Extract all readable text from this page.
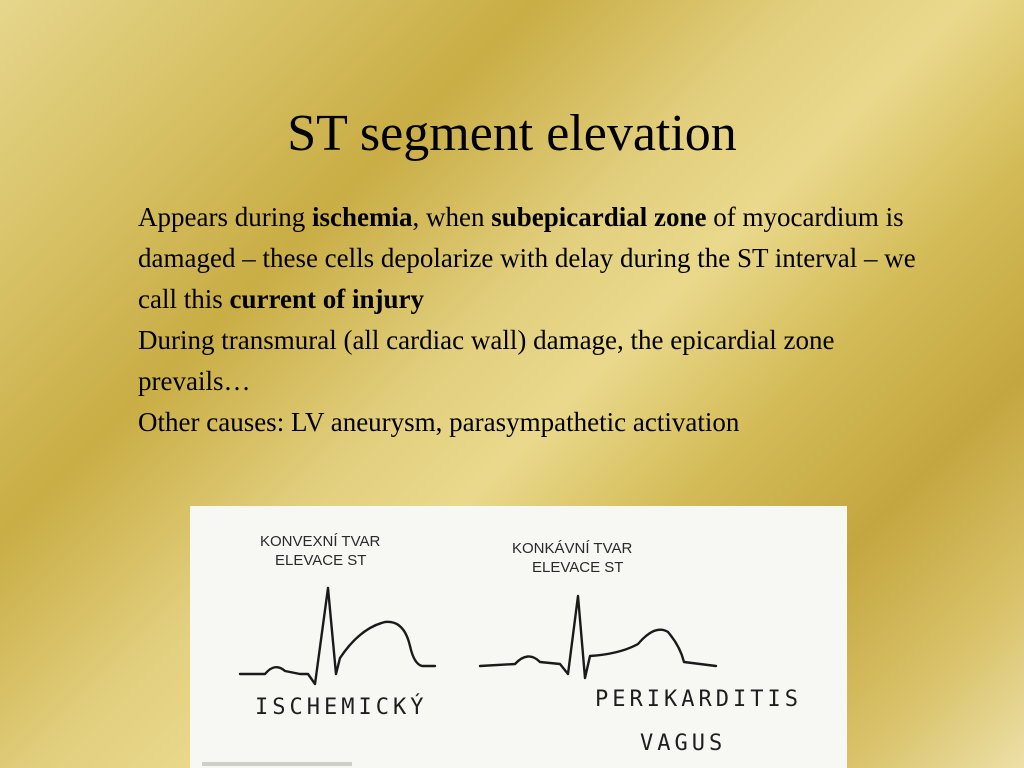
ST segment elevation

Appears during ischemia, when subepicardial zone of myocardium is damaged – these cells depolarize with delay during the ST interval – we call this current of injury

During transmural (all cardiac wall) damage, the epicardial zone prevails…

Other causes: LV aneurysm, parasympathetic activation

KONVEXNÍ TVAR
ELEVACE ST
ISCHEMICKÝ
KONKÁVNÍ TVAR
ELEVACE ST
PERIKARDITIS
VAGUS
